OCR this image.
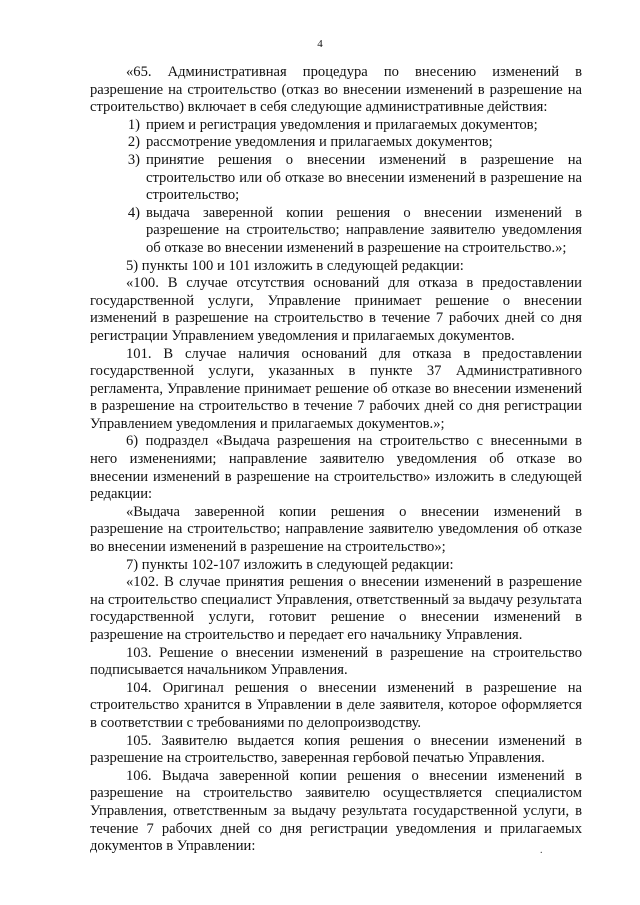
4

«65. Административная процедура по внесению изменений в разрешение на строительство (отказ во внесении изменений в разрешение на строительство) включает в себя следующие административные действия:

1) прием и регистрация уведомления и прилагаемых документов;
2) рассмотрение уведомления и прилагаемых документов;
3) принятие решения о внесении изменений в разрешение на строительство или об отказе во внесении изменений в разрешение на строительство;
4) выдача заверенной копии решения о внесении изменений в разрешение на строительство; направление заявителю уведомления об отказе во внесении изменений в разрешение на строительство.»;

5) пункты 100 и 101 изложить в следующей редакции:

«100. В случае отсутствия оснований для отказа в предоставлении государственной услуги, Управление принимает решение о внесении изменений в разрешение на строительство в течение 7 рабочих дней со дня регистрации Управлением уведомления и прилагаемых документов.

101. В случае наличия оснований для отказа в предоставлении государственной услуги, указанных в пункте 37 Административного регламента, Управление принимает решение об отказе во внесении изменений в разрешение на строительство в течение 7 рабочих дней со дня регистрации Управлением уведомления и прилагаемых документов.»;

6) подраздел «Выдача разрешения на строительство с внесенными в него изменениями; направление заявителю уведомления об отказе во внесении изменений в разрешение на строительство» изложить в следующей редакции:

«Выдача заверенной копии решения о внесении изменений в разрешение на строительство; направление заявителю уведомления об отказе во внесении изменений в разрешение на строительство»;

7) пункты 102-107 изложить в следующей редакции:

«102. В случае принятия решения о внесении изменений в разрешение на строительство специалист Управления, ответственный за выдачу результата государственной услуги, готовит решение о внесении изменений в разрешение на строительство и передает его начальнику Управления.

103. Решение о внесении изменений в разрешение на строительство подписывается начальником Управления.

104. Оригинал решения о внесении изменений в разрешение на строительство хранится в Управлении в деле заявителя, которое оформляется в соответствии с требованиями по делопроизводству.

105. Заявителю выдается копия решения о внесении изменений в разрешение на строительство, заверенная гербовой печатью Управления.

106. Выдача заверенной копии решения о внесении изменений в разрешение на строительство заявителю осуществляется специалистом Управления, ответственным за выдачу результата государственной услуги, в течение 7 рабочих дней со дня регистрации уведомления и прилагаемых документов в Управлении:	.
